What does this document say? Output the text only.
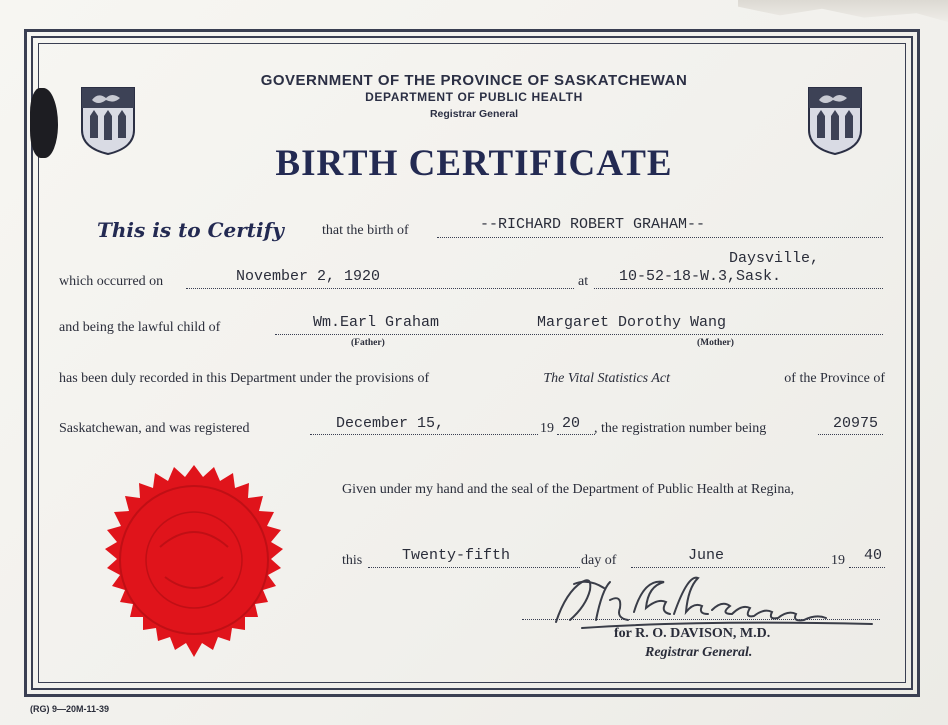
GOVERNMENT OF THE PROVINCE OF SASKATCHEWAN
DEPARTMENT OF PUBLIC HEALTH
Registrar General
BIRTH CERTIFICATE
This is to Certify	that the birth of	--RICHARD ROBERT GRAHAM--
which occurred on	November 2, 1920	at
Daysville,
10-52-18-W.3,Sask.
and being the lawful child of	Wm.Earl Graham	Margaret Dorothy Wang
(Father)	(Mother)
has been duly recorded in this Department under the provisions of	The Vital Statistics Act	of the Province of
Saskatchewan, and was registered	December 15,	19 20 , the registration number being	20975
Given under my hand and the seal of the Department of Public Health at Regina,
this	Twenty-fifth	day of	June	19 40
for R. O. DAVISON, M.D.
Registrar General.
(RG) 9—20M-11-39
